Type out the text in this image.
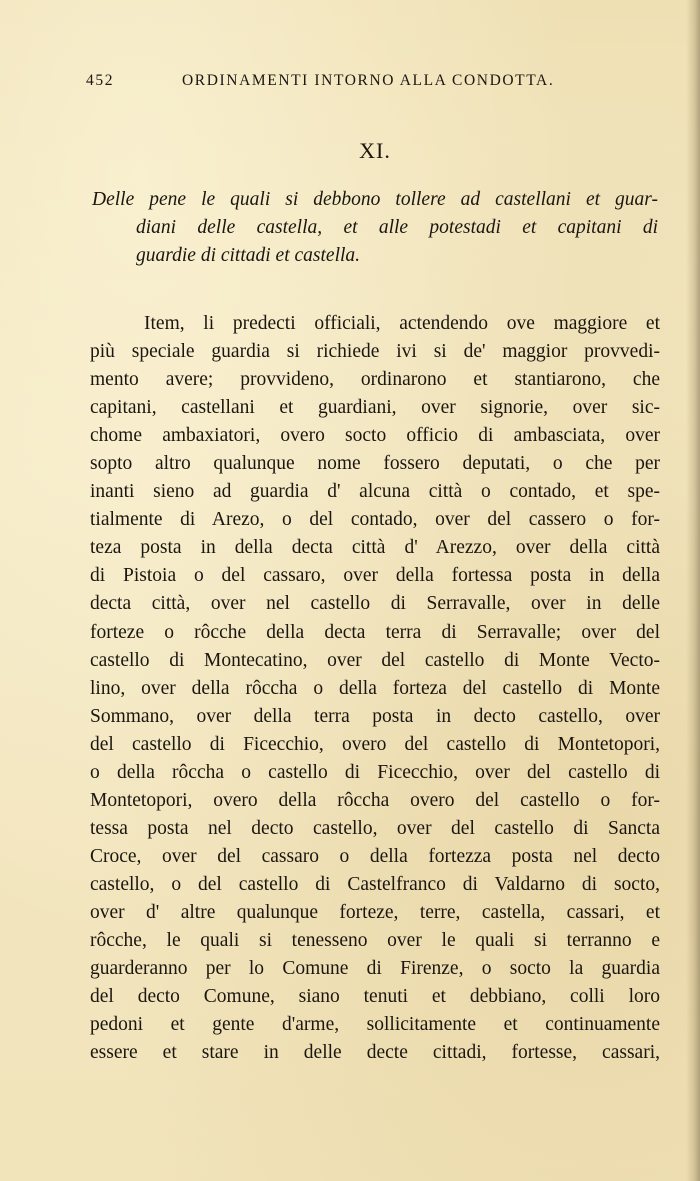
452	ORDINAMENTI INTORNO ALLA CONDOTTA.
XI.
Delle pene le quali si debbono tollere ad castellani et guar-
diani delle castella, et alle potestadi et capitani di
guardie di cittadi et castella.
Item, li predecti officiali, actendendo ove maggiore et
più speciale guardia si richiede ivi si de' maggior provvedi-
mento avere; provvideno, ordinarono et stantiarono, che
capitani, castellani et guardiani, over signorie, over sic-
chome ambaxiatori, overo socto officio di ambasciata, over
sopto altro qualunque nome fossero deputati, o che per
inanti sieno ad guardia d' alcuna città o contado, et spe-
tialmente di Arezo, o del contado, over del cassero o for-
teza posta in della decta città d' Arezzo, over della città
di Pistoia o del cassaro, over della fortessa posta in della
decta città, over nel castello di Serravalle, over in delle
forteze o rôcche della decta terra di Serravalle; over del
castello di Montecatino, over del castello di Monte Vecto-
lino, over della rôccha o della forteza del castello di Monte
Sommano, over della terra posta in decto castello, over
del castello di Ficecchio, overo del castello di Montetopori,
o della rôccha o castello di Ficecchio, over del castello di
Montetopori, overo della rôccha overo del castello o for-
tessa posta nel decto castello, over del castello di Sancta
Croce, over del cassaro o della fortezza posta nel decto
castello, o del castello di Castelfranco di Valdarno di socto,
over d' altre qualunque forteze, terre, castella, cassari, et
rôcche, le quali si tenesseno over le quali si terranno e
guarderanno per lo Comune di Firenze, o socto la guardia
del decto Comune, siano tenuti et debbiano, colli loro
pedoni et gente d'arme, sollicitamente et continuamente
essere et stare in delle decte cittadi, fortesse, cassari,
